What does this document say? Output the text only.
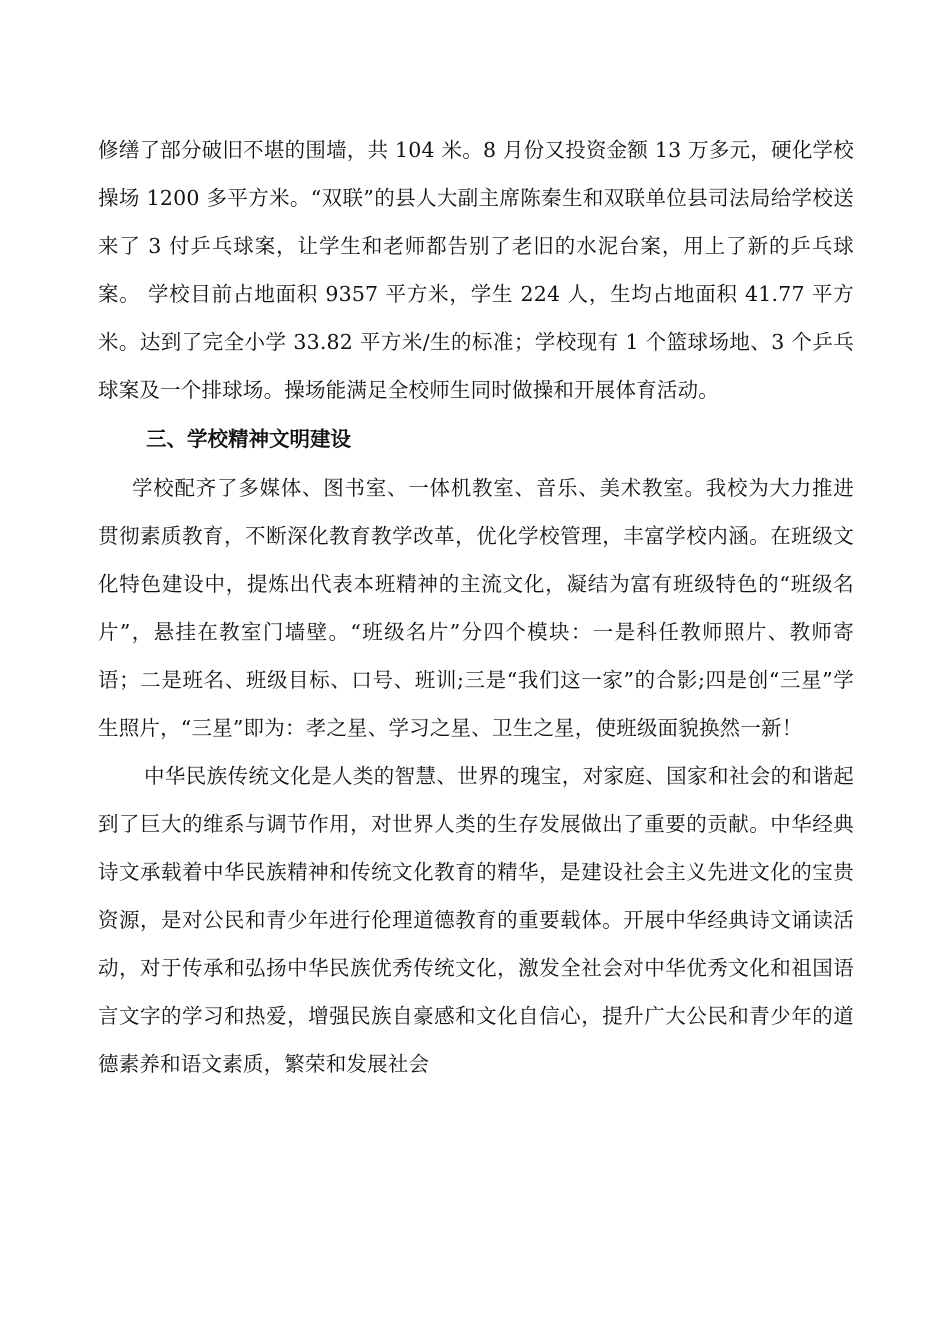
修缮了部分破旧不堪的围墙，共 104 米。8 月份又投资金额 13 万多元，硬化学校操场 1200 多平方米。“双联”的县人大副主席陈秦生和双联单位县司法局给学校送来了 3 付乒乓球案，让学生和老师都告别了老旧的水泥台案，用上了新的乒乓球案。 学校目前占地面积 9357 平方米，学生 224 人，生均占地面积 41.77 平方米。达到了完全小学 33.82 平方米/生的标准；学校现有 1 个篮球场地、3 个乒乓球案及一个排球场。操场能满足全校师生同时做操和开展体育活动。

三、学校精神文明建设

学校配齐了多媒体、图书室、一体机教室、音乐、美术教室。我校为大力推进贯彻素质教育，不断深化教育教学改革，优化学校管理，丰富学校内涵。在班级文化特色建设中，提炼出代表本班精神的主流文化，凝结为富有班级特色的“班级名片”，悬挂在教室门墙壁。“班级名片”分四个模块：一是科任教师照片、教师寄语；二是班名、班级目标、口号、班训;三是“我们这一家”的合影;四是创“三星”学生照片，“三星”即为：孝之星、学习之星、卫生之星，使班级面貌换然一新！

中华民族传统文化是人类的智慧、世界的瑰宝，对家庭、国家和社会的和谐起到了巨大的维系与调节作用，对世界人类的生存发展做出了重要的贡献。中华经典诗文承载着中华民族精神和传统文化教育的精华，是建设社会主义先进文化的宝贵资源，是对公民和青少年进行伦理道德教育的重要载体。开展中华经典诗文诵读活动，对于传承和弘扬中华民族优秀传统文化，激发全社会对中华优秀文化和祖国语言文字的学习和热爱，增强民族自豪感和文化自信心，提升广大公民和青少年的道德素养和语文素质，繁荣和发展社会
